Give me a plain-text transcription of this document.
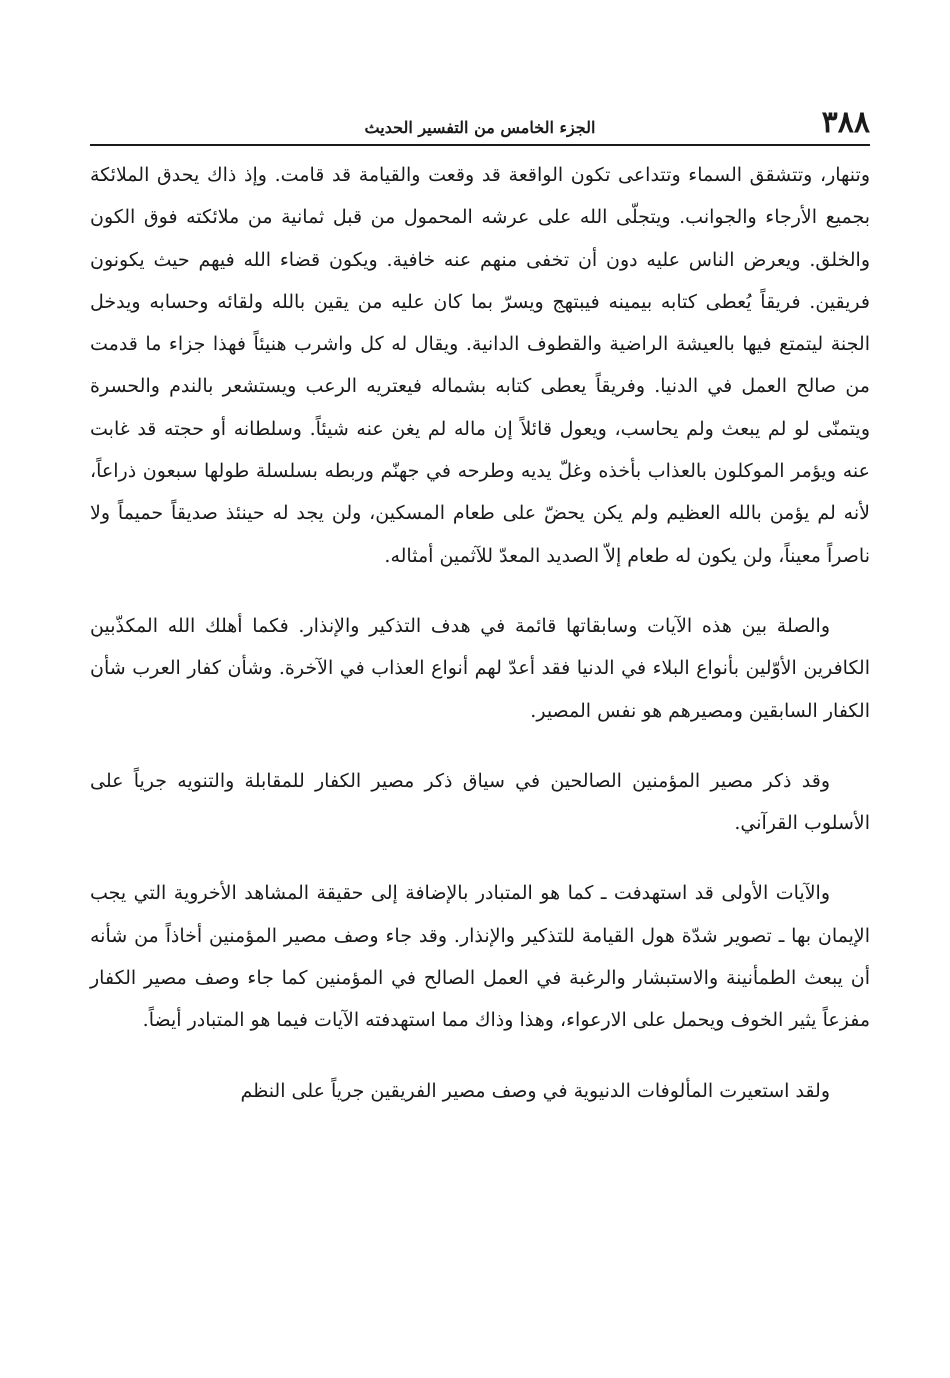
٣٨٨
الجزء الخامس من التفسير الحديث

وتنهار، وتتشقق السماء وتتداعى تكون الواقعة قد وقعت والقيامة قد قامت. وإذ ذاك يحدق الملائكة بجميع الأرجاء والجوانب. ويتجلّى الله على عرشه المحمول من قبل ثمانية من ملائكته فوق الكون والخلق. ويعرض الناس عليه دون أن تخفى منهم عنه خافية. ويكون قضاء الله فيهم حيث يكونون فريقين. فريقاً يُعطى كتابه بيمينه فيبتهج ويسرّ بما كان عليه من يقين بالله ولقائه وحسابه ويدخل الجنة ليتمتع فيها بالعيشة الراضية والقطوف الدانية. ويقال له كل واشرب هنيئاً فهذا جزاء ما قدمت من صالح العمل في الدنيا. وفريقاً يعطى كتابه بشماله فيعتريه الرعب ويستشعر بالندم والحسرة ويتمنّى لو لم يبعث ولم يحاسب، ويعول قائلاً إن ماله لم يغن عنه شيئاً. وسلطانه أو حجته قد غابت عنه ويؤمر الموكلون بالعذاب بأخذه وغلّ يديه وطرحه في جهنّم وربطه بسلسلة طولها سبعون ذراعاً، لأنه لم يؤمن بالله العظيم ولم يكن يحضّ على طعام المسكين، ولن يجد له حينئذ صديقاً حميماً ولا ناصراً معيناً، ولن يكون له طعام إلاّ الصديد المعدّ للآثمين أمثاله.

والصلة بين هذه الآيات وسابقاتها قائمة في هدف التذكير والإنذار. فكما أهلك الله المكذّبين الكافرين الأوّلين بأنواع البلاء في الدنيا فقد أعدّ لهم أنواع العذاب في الآخرة. وشأن كفار العرب شأن الكفار السابقين ومصيرهم هو نفس المصير.

وقد ذكر مصير المؤمنين الصالحين في سياق ذكر مصير الكفار للمقابلة والتنويه جرياً على الأسلوب القرآني.

والآيات الأولى قد استهدفت ـ كما هو المتبادر بالإضافة إلى حقيقة المشاهد الأخروية التي يجب الإيمان بها ـ تصوير شدّة هول القيامة للتذكير والإنذار. وقد جاء وصف مصير المؤمنين أخاذاً من شأنه أن يبعث الطمأنينة والاستبشار والرغبة في العمل الصالح في المؤمنين كما جاء وصف مصير الكفار مفزعاً يثير الخوف ويحمل على الارعواء، وهذا وذاك مما استهدفته الآيات فيما هو المتبادر أيضاً.

ولقد استعيرت المألوفات الدنيوية في وصف مصير الفريقين جرياً على النظم
